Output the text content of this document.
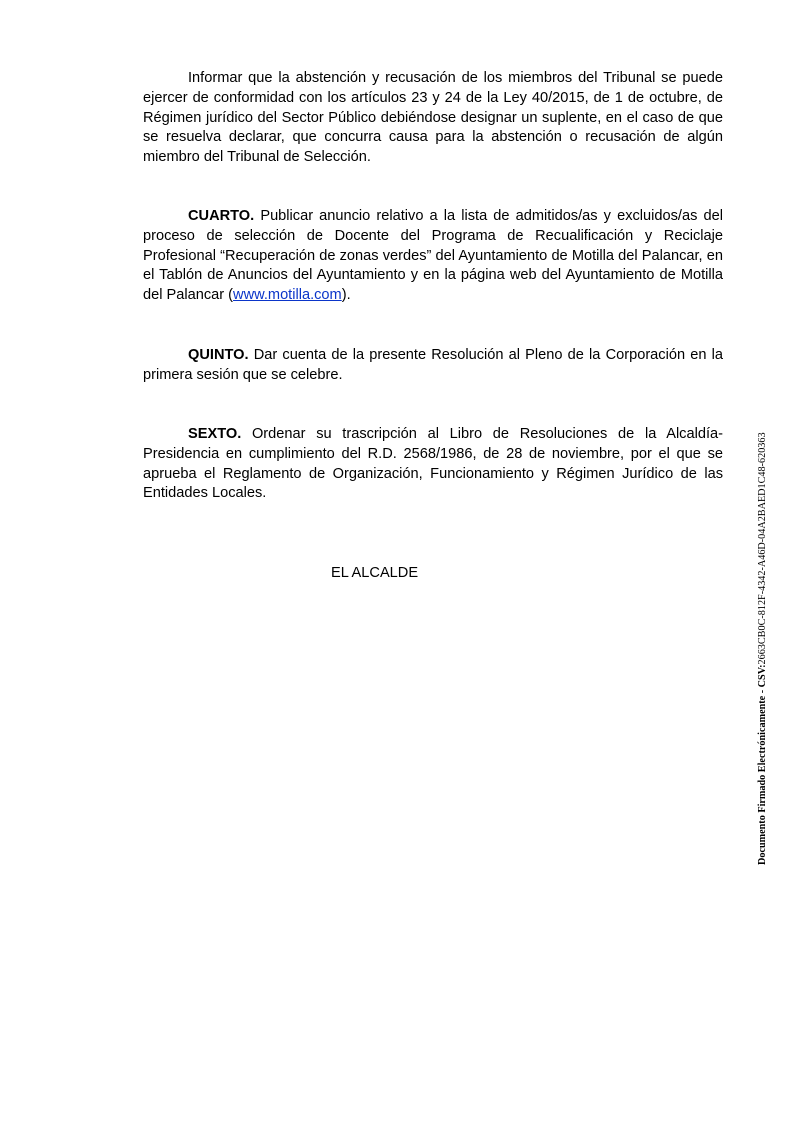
Informar que la abstención y recusación de los miembros del Tribunal se puede ejercer de conformidad con los artículos 23 y 24 de la Ley 40/2015, de 1 de octubre, de Régimen jurídico del Sector Público debiéndose designar un suplente, en el caso de que se resuelva declarar, que concurra causa para la abstención o recusación de algún miembro del Tribunal de Selección.

CUARTO. Publicar anuncio relativo a la lista de admitidos/as y excluidos/as del proceso de selección de Docente del Programa de Recualificación y Reciclaje Profesional “Recuperación de zonas verdes” del Ayuntamiento de Motilla del Palancar, en el Tablón de Anuncios del Ayuntamiento y en la página web del Ayuntamiento de Motilla del Palancar (www.motilla.com).

QUINTO. Dar cuenta de la presente Resolución al Pleno de la Corporación en la primera sesión que se celebre.

SEXTO. Ordenar su trascripción al Libro de Resoluciones de la Alcaldía-Presidencia en cumplimiento del R.D. 2568/1986, de 28 de noviembre, por el que se aprueba el Reglamento de Organización, Funcionamiento y Régimen Jurídico de las Entidades Locales.

EL ALCALDE
Documento Firmado Electrónicamente - CSV:2663CB0C-812F-4342-A46D-04A2BAED1C48-620363
